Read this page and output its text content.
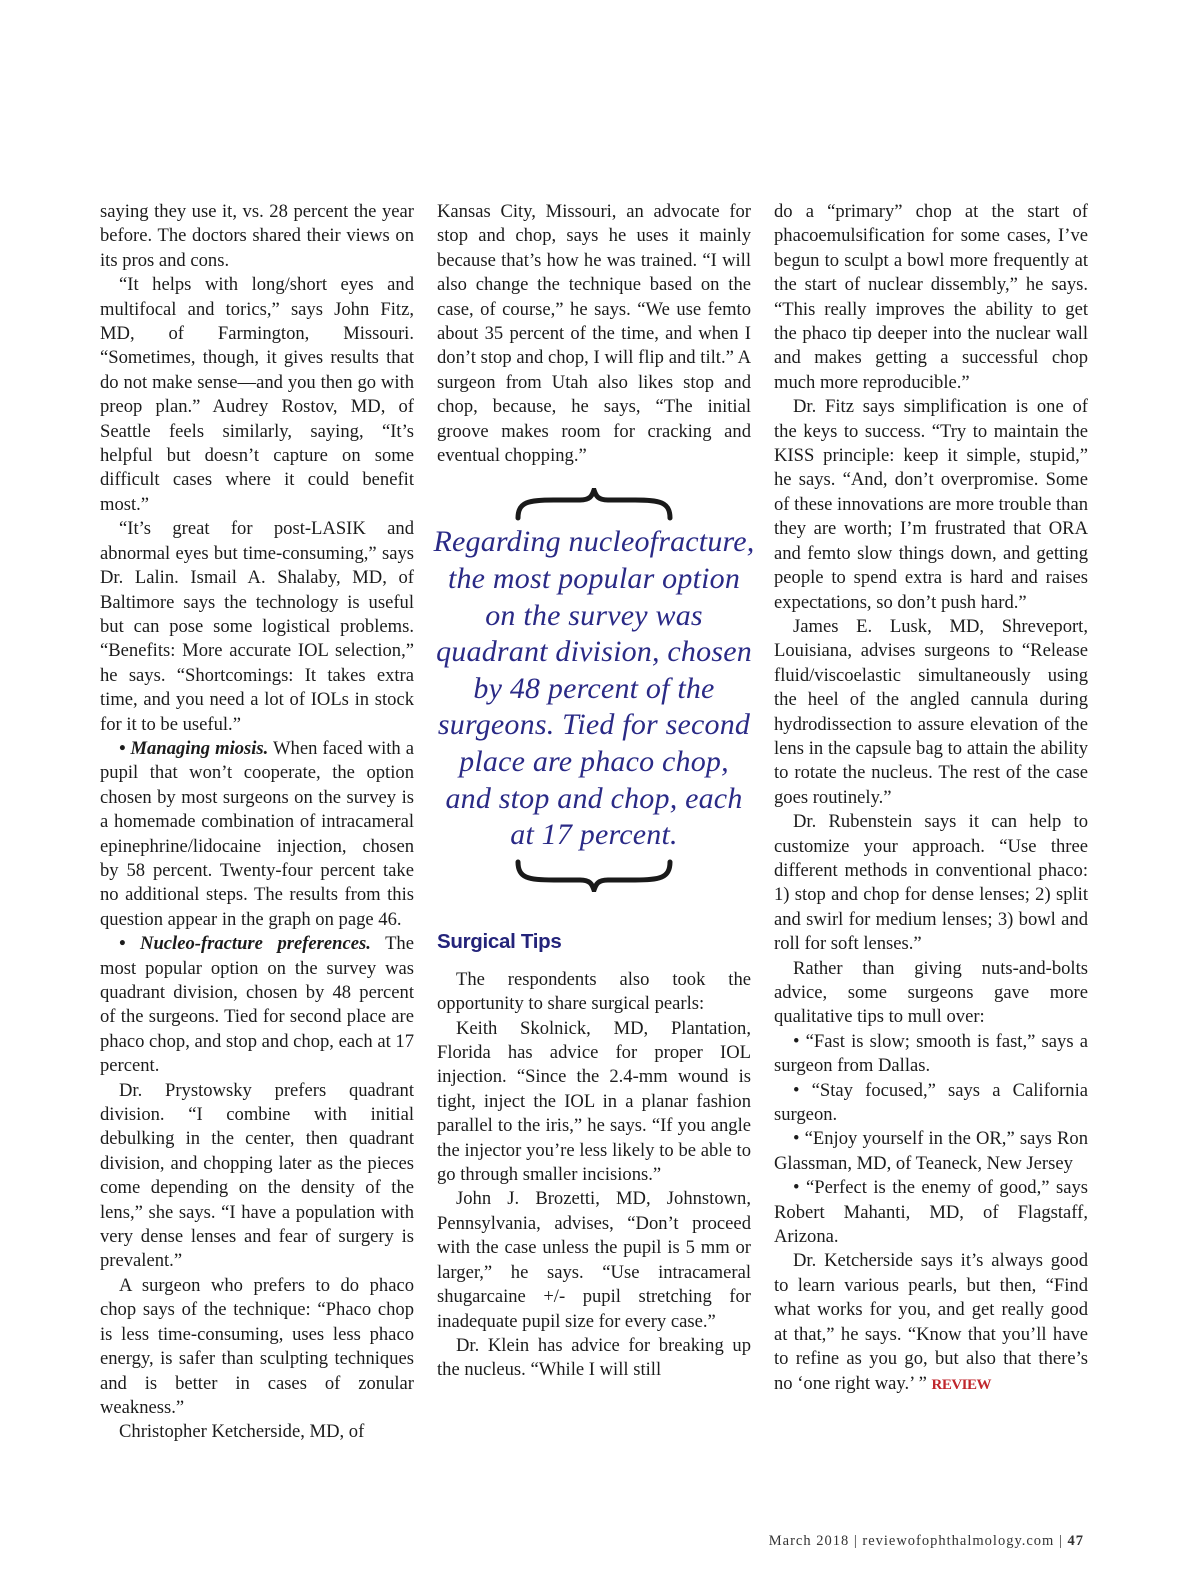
saying they use it, vs. 28 percent the year before. The doctors shared their views on its pros and cons.

“It helps with long/short eyes and multifocal and torics,” says John Fitz, MD, of Farmington, Missouri. “Sometimes, though, it gives results that do not make sense—and you then go with preop plan.” Audrey Rostov, MD, of Seattle feels similarly, saying, “It’s helpful but doesn’t capture on some difficult cases where it could benefit most.”

“It’s great for post-LASIK and abnormal eyes but time-consuming,” says Dr. Lalin. Ismail A. Shalaby, MD, of Baltimore says the technology is useful but can pose some logistical problems. “Benefits: More accurate IOL selection,” he says. “Shortcomings: It takes extra time, and you need a lot of IOLs in stock for it to be useful.”

• Managing miosis. When faced with a pupil that won’t cooperate, the option chosen by most surgeons on the survey is a homemade combination of intracameral epinephrine/lidocaine injection, chosen by 58 percent. Twenty-four percent take no additional steps. The results from this question appear in the graph on page 46.

• Nucleo-fracture preferences. The most popular option on the survey was quadrant division, chosen by 48 percent of the surgeons. Tied for second place are phaco chop, and stop and chop, each at 17 percent.

Dr. Prystowsky prefers quadrant division. “I combine with initial debulking in the center, then quadrant division, and chopping later as the pieces come depending on the density of the lens,” she says. “I have a population with very dense lenses and fear of surgery is prevalent.”

A surgeon who prefers to do phaco chop says of the technique: “Phaco chop is less time-consuming, uses less phaco energy, is safer than sculpting techniques and is better in cases of zonular weakness.”

Christopher Ketcherside, MD, of

Kansas City, Missouri, an advocate for stop and chop, says he uses it mainly because that’s how he was trained. “I will also change the technique based on the case, of course,” he says. “We use femto about 35 percent of the time, and when I don’t stop and chop, I will flip and tilt.” A surgeon from Utah also likes stop and chop, because, he says, “The initial groove makes room for cracking and eventual chopping.”

Regarding nucleofracture, the most popular option on the survey was quadrant division, chosen by 48 percent of the surgeons. Tied for second place are phaco chop, and stop and chop, each at 17 percent.
Surgical Tips

The respondents also took the opportunity to share surgical pearls:

Keith Skolnick, MD, Plantation, Florida has advice for proper IOL injection. “Since the 2.4-mm wound is tight, inject the IOL in a planar fashion parallel to the iris,” he says. “If you angle the injector you’re less likely to be able to go through smaller incisions.”

John J. Brozetti, MD, Johnstown, Pennsylvania, advises, “Don’t proceed with the case unless the pupil is 5 mm or larger,” he says. “Use intracameral shugarcaine +/- pupil stretching for inadequate pupil size for every case.”

Dr. Klein has advice for breaking up the nucleus. “While I will still

do a “primary” chop at the start of phacoemulsification for some cases, I’ve begun to sculpt a bowl more frequently at the start of nuclear dissembly,” he says. “This really improves the ability to get the phaco tip deeper into the nuclear wall and makes getting a successful chop much more reproducible.”

Dr. Fitz says simplification is one of the keys to success. “Try to maintain the KISS principle: keep it simple, stupid,” he says. “And, don’t overpromise. Some of these innovations are more trouble than they are worth; I’m frustrated that ORA and femto slow things down, and getting people to spend extra is hard and raises expectations, so don’t push hard.”

James E. Lusk, MD, Shreveport, Louisiana, advises surgeons to “Release fluid/viscoelastic simultaneously using the heel of the angled cannula during hydrodissection to assure elevation of the lens in the capsule bag to attain the ability to rotate the nucleus. The rest of the case goes routinely.”

Dr. Rubenstein says it can help to customize your approach. “Use three different methods in conventional phaco: 1) stop and chop for dense lenses; 2) split and swirl for medium lenses; 3) bowl and roll for soft lenses.”

Rather than giving nuts-and-bolts advice, some surgeons gave more qualitative tips to mull over:

• “Fast is slow; smooth is fast,” says a surgeon from Dallas.

• “Stay focused,” says a California surgeon.

• “Enjoy yourself in the OR,” says Ron Glassman, MD, of Teaneck, New Jersey

• “Perfect is the enemy of good,” says Robert Mahanti, MD, of Flagstaff, Arizona.

Dr. Ketcherside says it’s always good to learn various pearls, but then, “Find what works for you, and get really good at that,” he says. “Know that you’ll have to refine as you go, but also that there’s no ‘one right way.’ ” REVIEW

March 2018 | reviewofophthalmology.com | 47
